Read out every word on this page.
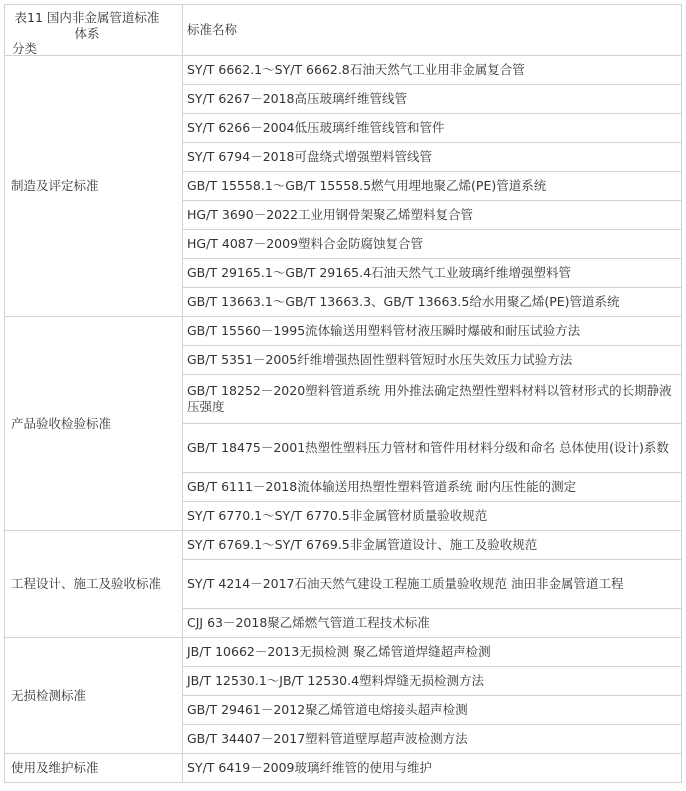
表11 国内非金属管道标准体系
分类	标准名称
制造及评定标准	SY/T 6662.1～SY/T 6662.8石油天然气工业用非金属复合管
	SY/T 6267－2018高压玻璃纤维管线管
	SY/T 6266－2004低压玻璃纤维管线管和管件
	SY/T 6794－2018可盘绕式增强塑料管线管
	GB/T 15558.1～GB/T 15558.5燃气用埋地聚乙烯(PE)管道系统
	HG/T 3690－2022工业用钢骨架聚乙烯塑料复合管
	HG/T 4087－2009塑料合金防腐蚀复合管
	GB/T 29165.1～GB/T 29165.4石油天然气工业玻璃纤维增强塑料管
	GB/T 13663.1～GB/T 13663.3、GB/T 13663.5给水用聚乙烯(PE)管道系统
产品验收检验标准	GB/T 15560－1995流体输送用塑料管材液压瞬时爆破和耐压试验方法
	GB/T 5351－2005纤维增强热固性塑料管短时水压失效压力试验方法
	GB/T 18252－2020塑料管道系统 用外推法确定热塑性塑料材料以管材形式的长期静液压强度
	GB/T 18475－2001热塑性塑料压力管材和管件用材料分级和命名 总体使用(设计)系数
	GB/T 6111－2018流体输送用热塑性塑料管道系统 耐内压性能的测定
	SY/T 6770.1～SY/T 6770.5非金属管材质量验收规范
工程设计、施工及验收标准	SY/T 6769.1～SY/T 6769.5非金属管道设计、施工及验收规范
	SY/T 4214－2017石油天然气建设工程施工质量验收规范 油田非金属管道工程
	CJJ 63－2018聚乙烯燃气管道工程技术标准
无损检测标准	JB/T 10662－2013无损检测 聚乙烯管道焊缝超声检测
	JB/T 12530.1～JB/T 12530.4塑料焊缝无损检测方法
	GB/T 29461－2012聚乙烯管道电熔接头超声检测
	GB/T 34407－2017塑料管道壁厚超声波检测方法
使用及维护标准	SY/T 6419－2009玻璃纤维管的使用与维护
